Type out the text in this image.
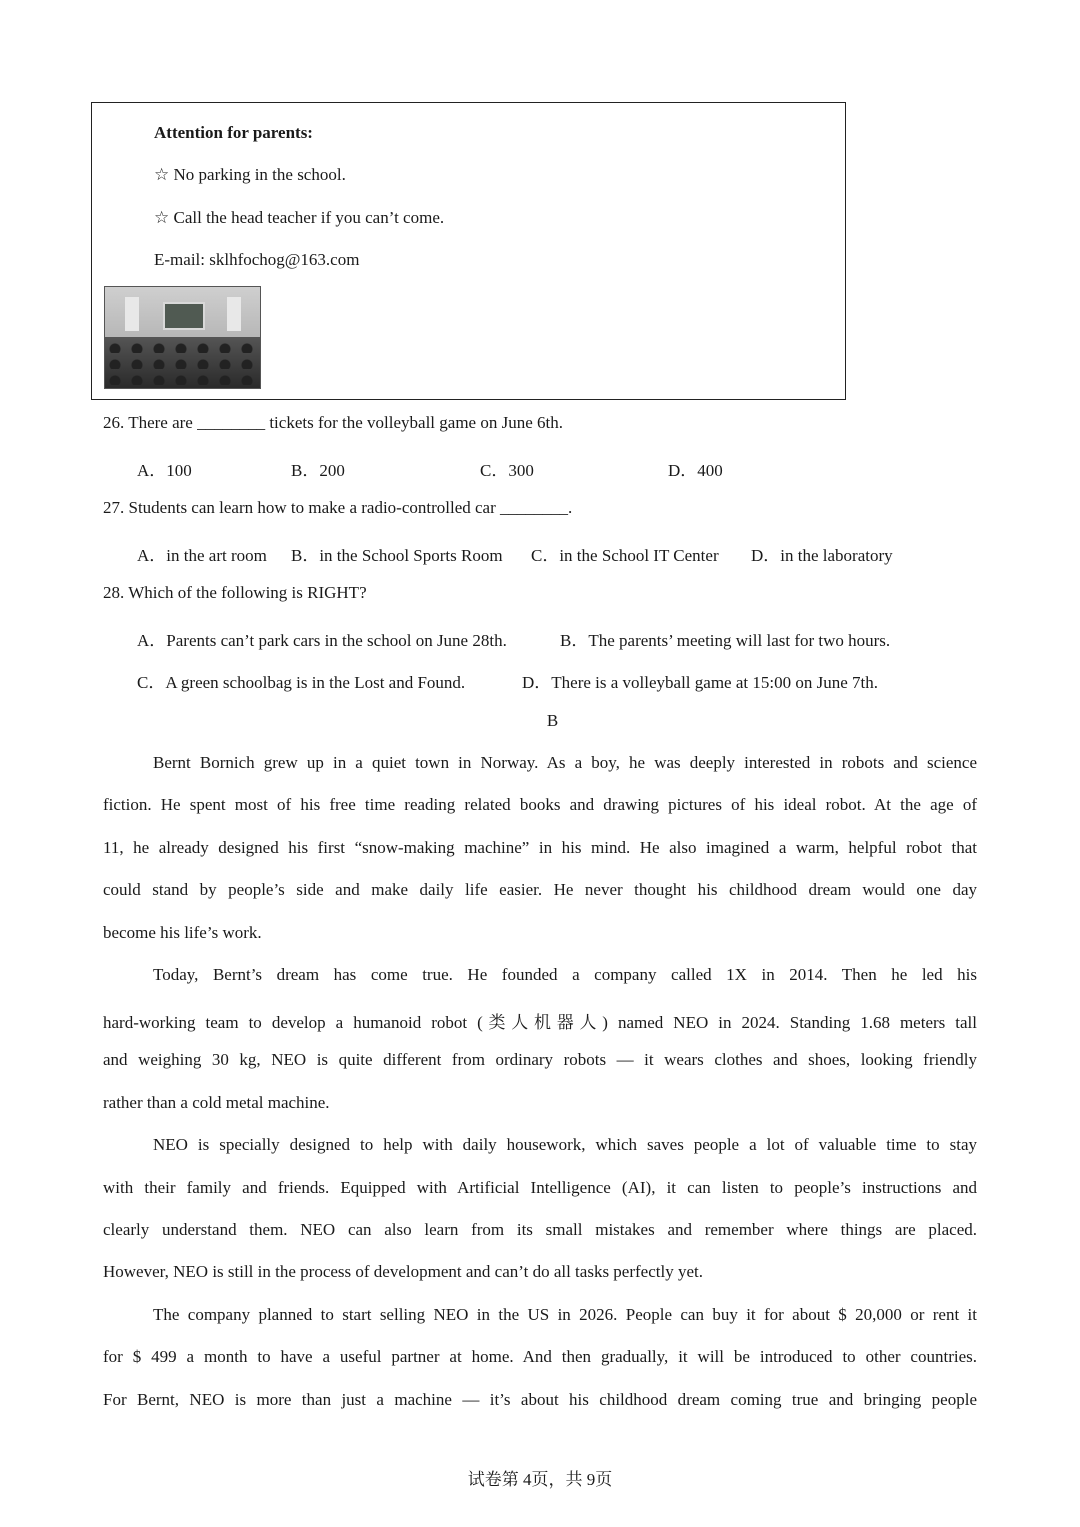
Attention for parents:
☆ No parking in the school.
☆ Call the head teacher if you can’t come.
E-mail: sklhfochog@163.com
26. There are ________ tickets for the volleyball game on June 6th.
A．100	B．200	C．300	D．400
27. Students can learn how to make a radio-controlled car ________.
A．in the art room B．in the School Sports Room C．in the School IT Center D．in the laboratory
28. Which of the following is RIGHT?
A．Parents can’t park cars in the school on June 28th.	B．The parents’ meeting will last for two hours.
C．A green schoolbag is in the Lost and Found.	D．There is a volleyball game at 15:00 on June 7th.
B
Bernt Bornich grew up in a quiet town in Norway. As a boy, he was deeply interested in robots and science
fiction. He spent most of his free time reading related books and drawing pictures of his ideal robot. At the age of
11, he already designed his first “snow-making machine” in his mind. He also imagined a warm, helpful robot that
could stand by people’s side and make daily life easier. He never thought his childhood dream would one day
become his life’s work.
Today, Bernt’s dream has come true. He founded a company called 1X in 2014. Then he led his
hard-working team to develop a humanoid robot (类人机器人) named NEO in 2024. Standing 1.68 meters tall
and weighing 30 kg, NEO is quite different from ordinary robots — it wears clothes and shoes, looking friendly
rather than a cold metal machine.
NEO is specially designed to help with daily housework, which saves people a lot of valuable time to stay
with their family and friends. Equipped with Artificial Intelligence (AI), it can listen to people’s instructions and
clearly understand them. NEO can also learn from its small mistakes and remember where things are placed.
However, NEO is still in the process of development and can’t do all tasks perfectly yet.
The company planned to start selling NEO in the US in 2026. People can buy it for about $ 20,000 or rent it
for $ 499 a month to have a useful partner at home. And then gradually, it will be introduced to other countries.
For Bernt, NEO is more than just a machine — it’s about his childhood dream coming true and bringing people
试卷第 4页，共 9页
